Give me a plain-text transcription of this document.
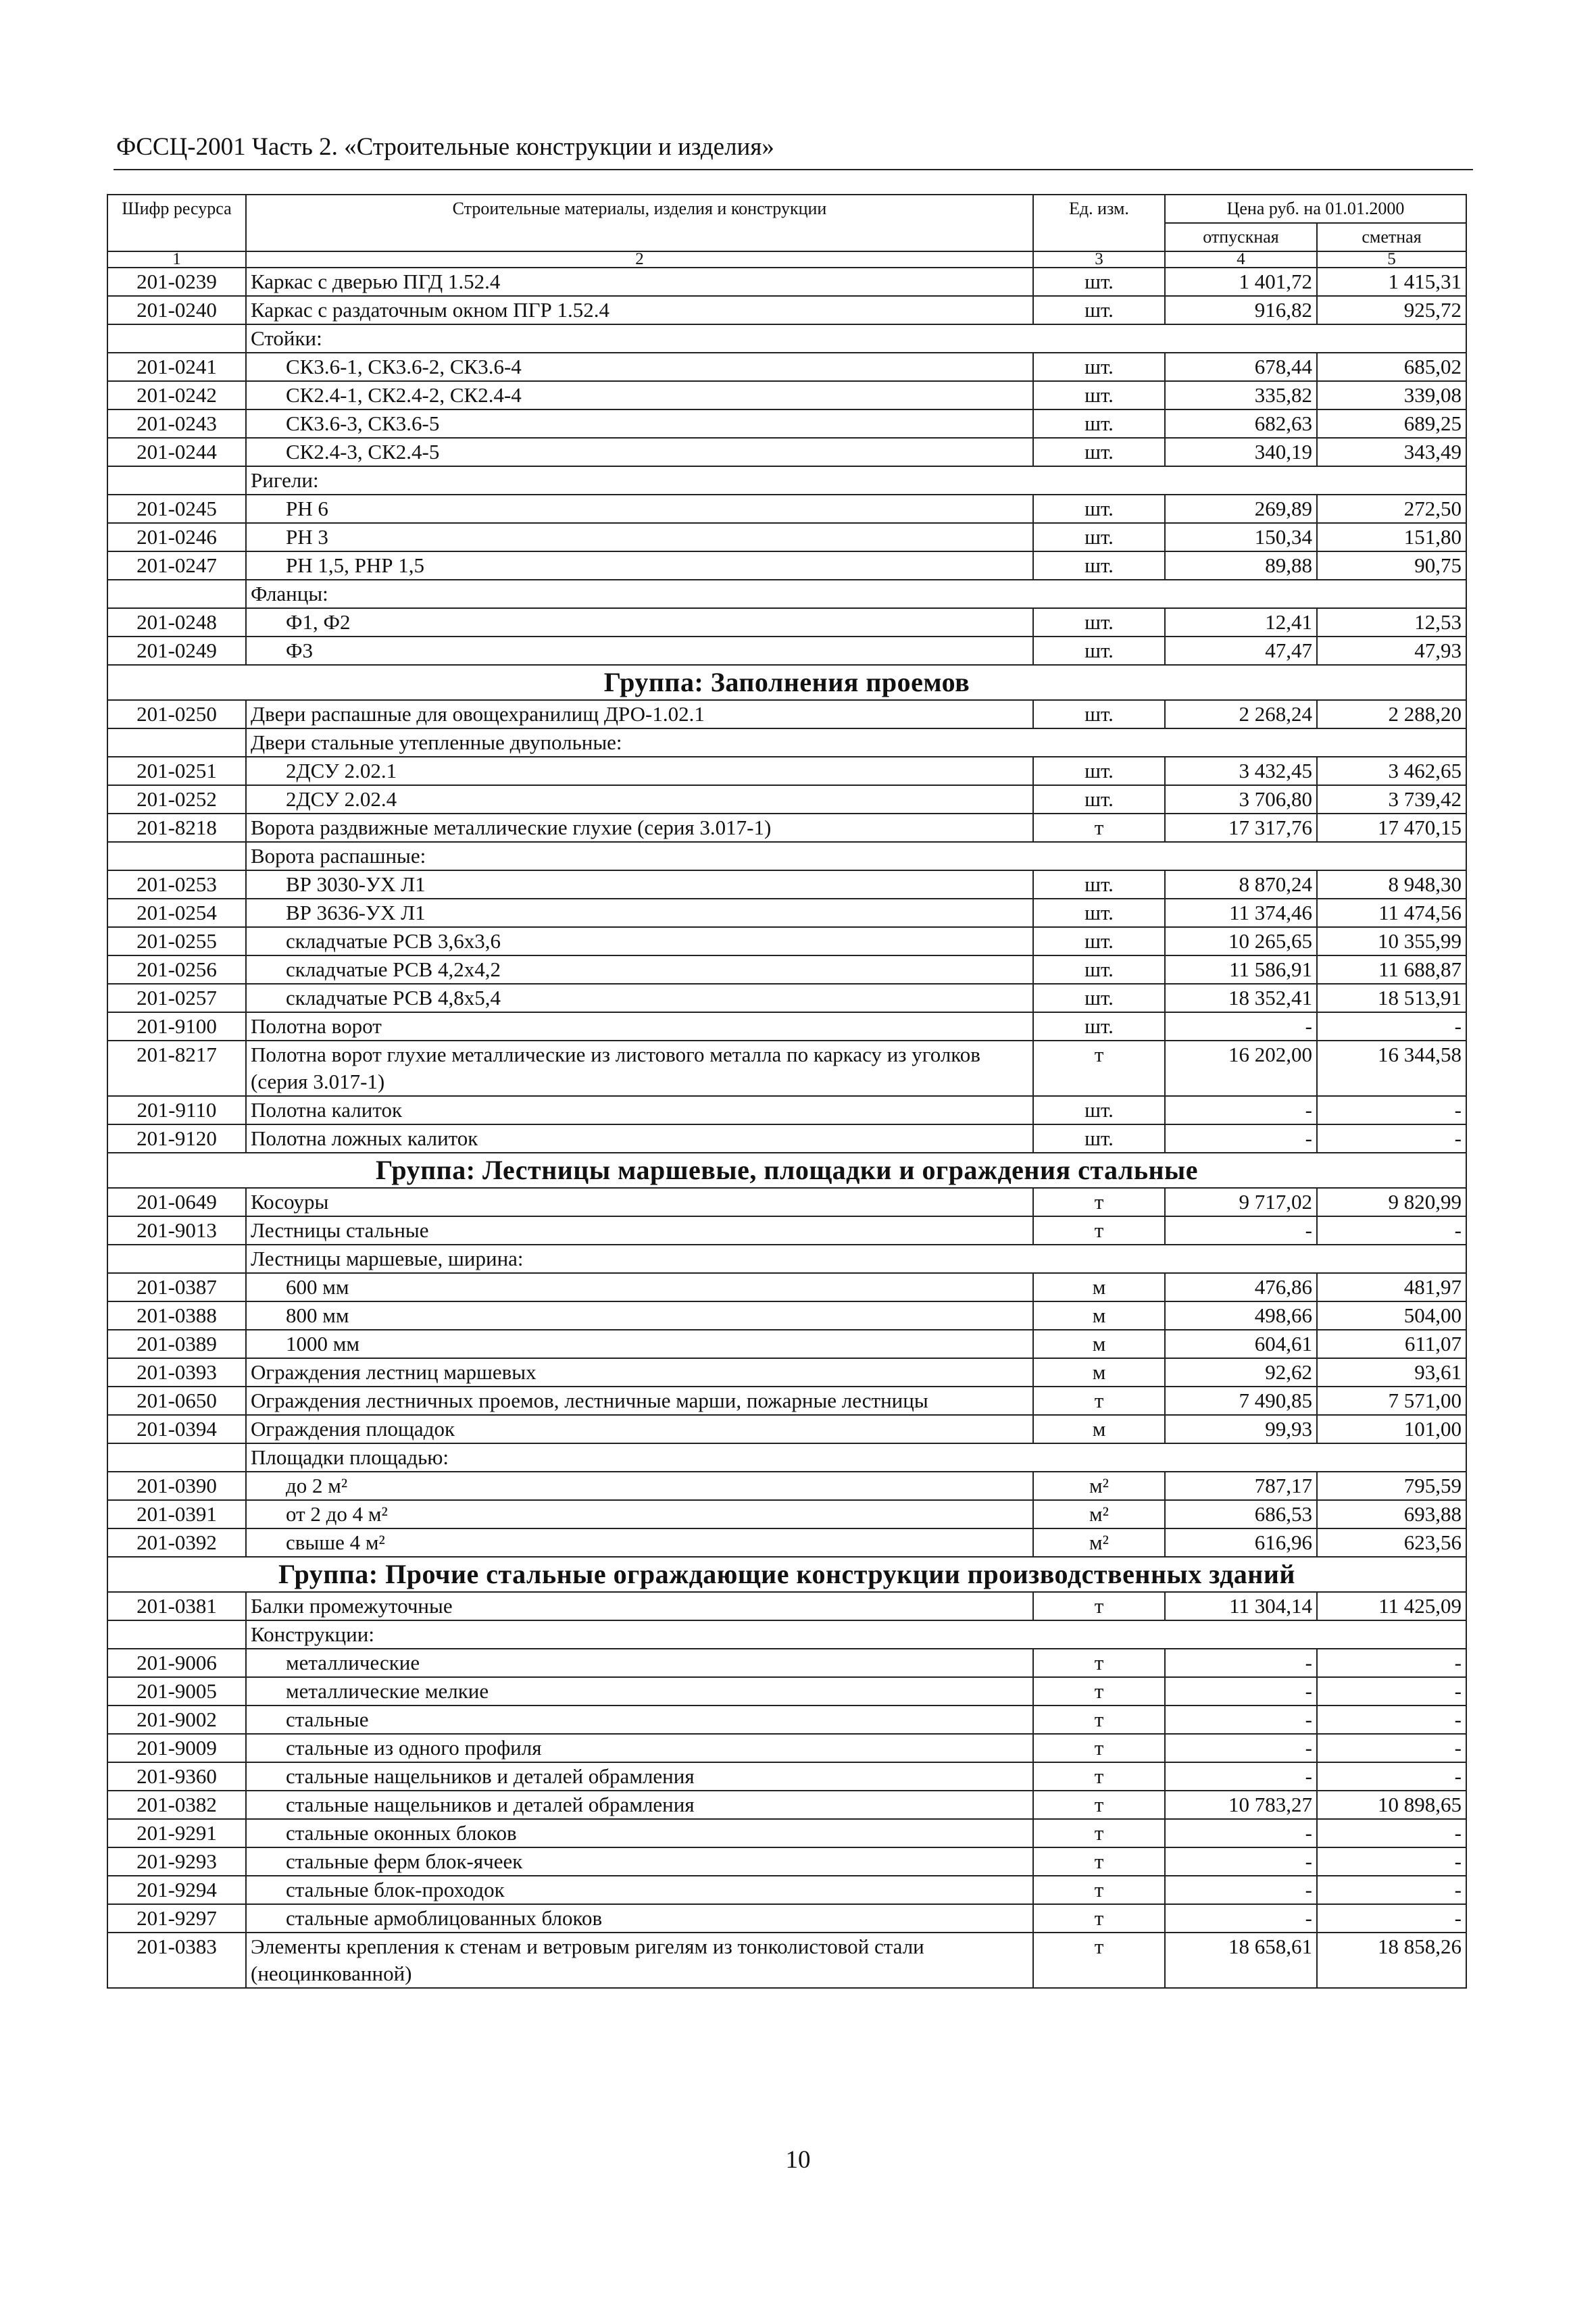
ФССЦ-2001 Часть 2. «Строительные конструкции и изделия»
Шифр ресурса	Строительные материалы, изделия и конструкции	Ед. изм.	Цена руб. на 01.01.2000	
			отпускная	сметная
1	2	3	4	5
201-0239	Каркас с дверью ПГД 1.52.4	шт.	1 401,72	1 415,31
201-0240	Каркас с раздаточным окном ПГР 1.52.4	шт.	916,82	925,72
	Стойки:			
201-0241	СК3.6-1, СК3.6-2, СК3.6-4	шт.	678,44	685,02
201-0242	СК2.4-1, СК2.4-2, СК2.4-4	шт.	335,82	339,08
201-0243	СК3.6-3, СК3.6-5	шт.	682,63	689,25
201-0244	СК2.4-3, СК2.4-5	шт.	340,19	343,49
	Ригели:			
201-0245	РН 6	шт.	269,89	272,50
201-0246	РН 3	шт.	150,34	151,80
201-0247	РН 1,5, РНР 1,5	шт.	89,88	90,75
	Фланцы:			
201-0248	Ф1, Ф2	шт.	12,41	12,53
201-0249	Ф3	шт.	47,47	47,93
Группа: Заполнения проемов				
201-0250	Двери распашные для овощехранилищ ДРО-1.02.1	шт.	2 268,24	2 288,20
	Двери стальные утепленные двупольные:			
201-0251	2ДСУ 2.02.1	шт.	3 432,45	3 462,65
201-0252	2ДСУ 2.02.4	шт.	3 706,80	3 739,42
201-8218	Ворота раздвижные металлические глухие (серия 3.017-1)	т	17 317,76	17 470,15
	Ворота распашные:			
201-0253	ВР 3030-УХ Л1	шт.	8 870,24	8 948,30
201-0254	ВР 3636-УХ Л1	шт.	11 374,46	11 474,56
201-0255	складчатые РСВ 3,6х3,6	шт.	10 265,65	10 355,99
201-0256	складчатые РСВ 4,2х4,2	шт.	11 586,91	11 688,87
201-0257	складчатые РСВ 4,8х5,4	шт.	18 352,41	18 513,91
201-9100	Полотна ворот	шт.	-	-
201-8217	Полотна ворот глухие металлические из листового металла по каркасу из уголков (серия 3.017-1)	т	16 202,00	16 344,58
201-9110	Полотна калиток	шт.	-	-
201-9120	Полотна ложных калиток	шт.	-	-
Группа: Лестницы маршевые, площадки и ограждения стальные				
201-0649	Косоуры	т	9 717,02	9 820,99
201-9013	Лестницы стальные	т	-	-
	Лестницы маршевые, ширина:			
201-0387	600 мм	м	476,86	481,97
201-0388	800 мм	м	498,66	504,00
201-0389	1000 мм	м	604,61	611,07
201-0393	Ограждения лестниц маршевых	м	92,62	93,61
201-0650	Ограждения лестничных проемов, лестничные марши, пожарные лестницы	т	7 490,85	7 571,00
201-0394	Ограждения площадок	м	99,93	101,00
	Площадки площадью:			
201-0390	до 2 м²	м²	787,17	795,59
201-0391	от 2 до 4 м²	м²	686,53	693,88
201-0392	свыше 4 м²	м²	616,96	623,56
Группа: Прочие стальные ограждающие конструкции производственных зданий				
201-0381	Балки промежуточные	т	11 304,14	11 425,09
	Конструкции:			
201-9006	металлические	т	-	-
201-9005	металлические мелкие	т	-	-
201-9002	стальные	т	-	-
201-9009	стальные из одного профиля	т	-	-
201-9360	стальные нащельников и деталей обрамления	т	-	-
201-0382	стальные нащельников и деталей обрамления	т	10 783,27	10 898,65
201-9291	стальные оконных блоков	т	-	-
201-9293	стальные ферм блок-ячеек	т	-	-
201-9294	стальные блок-проходок	т	-	-
201-9297	стальные армоблицованных блоков	т	-	-
201-0383	Элементы крепления к стенам и ветровым ригелям из тонколистовой стали (неоцинкованной)	т	18 658,61	18 858,26
10
